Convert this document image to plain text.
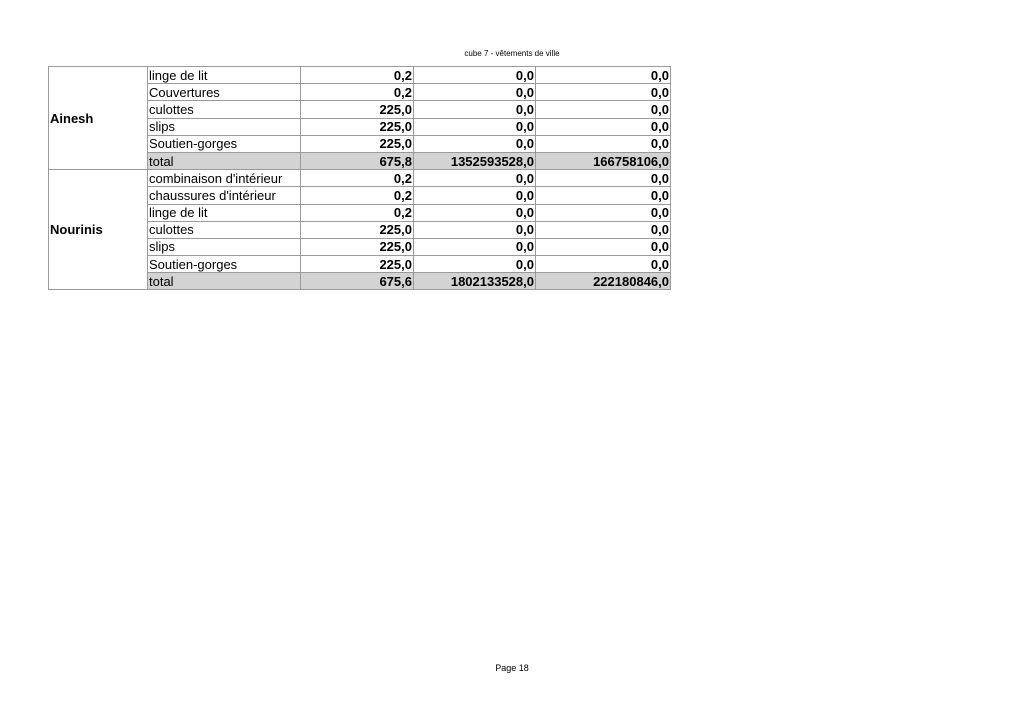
cube 7 - vêtements de ville
Ainesh	linge de lit	0,2	0,0	0,0
	Couvertures	0,2	0,0	0,0
	culottes	225,0	0,0	0,0
	slips	225,0	0,0	0,0
	Soutien-gorges	225,0	0,0	0,0
	total	675,8	1352593528,0	166758106,0
Nourinis	combinaison d'intérieur	0,2	0,0	0,0
	chaussures d'intérieur	0,2	0,0	0,0
	linge de lit	0,2	0,0	0,0
	culottes	225,0	0,0	0,0
	slips	225,0	0,0	0,0
	Soutien-gorges	225,0	0,0	0,0
	total	675,6	1802133528,0	222180846,0
Page 18
